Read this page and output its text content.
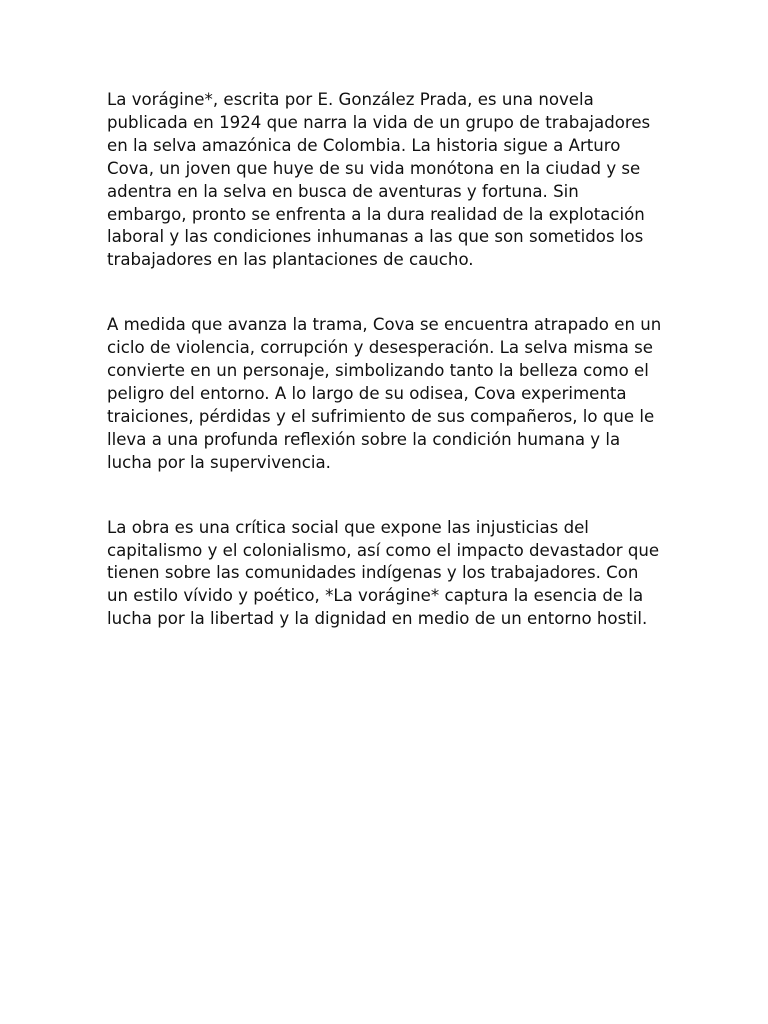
La vorágine*, escrita por E. González Prada, es una novela publicada en 1924 que narra la vida de un grupo de trabajadores en la selva amazónica de Colombia. La historia sigue a Arturo Cova, un joven que huye de su vida monótona en la ciudad y se adentra en la selva en busca de aventuras y fortuna. Sin embargo, pronto se enfrenta a la dura realidad de la explotación laboral y las condiciones inhumanas a las que son sometidos los trabajadores en las plantaciones de caucho.

A medida que avanza la trama, Cova se encuentra atrapado en un ciclo de violencia, corrupción y desesperación. La selva misma se convierte en un personaje, simbolizando tanto la belleza como el peligro del entorno. A lo largo de su odisea, Cova experimenta traiciones, pérdidas y el sufrimiento de sus compañeros, lo que le lleva a una profunda reflexión sobre la condición humana y la lucha por la supervivencia.

La obra es una crítica social que expone las injusticias del capitalismo y el colonialismo, así como el impacto devastador que tienen sobre las comunidades indígenas y los trabajadores. Con un estilo vívido y poético, *La vorágine* captura la esencia de la lucha por la libertad y la dignidad en medio de un entorno hostil.
